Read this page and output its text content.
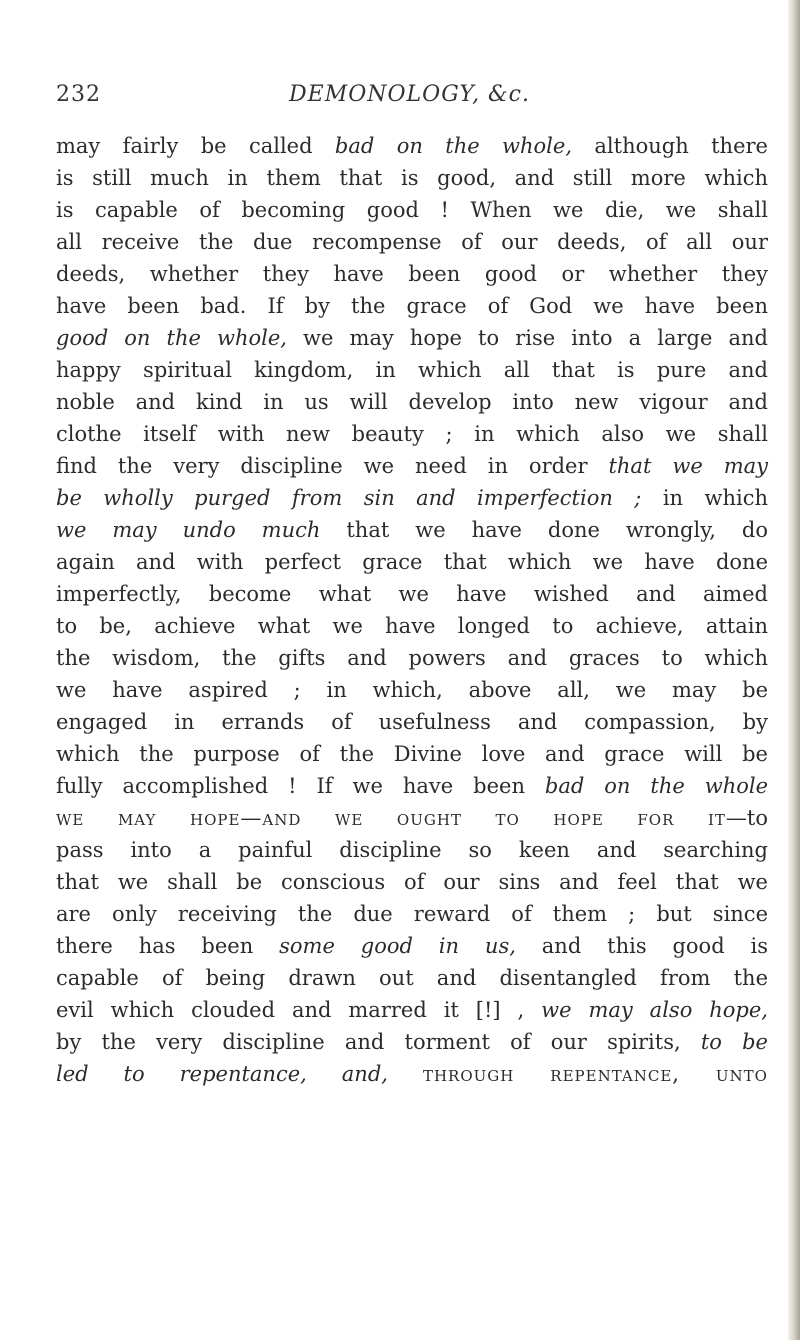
232	DEMONOLOGY, &c.
may fairly be called bad on the whole, although there
is still much in them that is good, and still more which
is capable of becoming good ! When we die, we shall
all receive the due recompense of our deeds, of all our
deeds, whether they have been good or whether they
have been bad. If by the grace of God we have been
good on the whole, we may hope to rise into a large and
happy spiritual kingdom, in which all that is pure and
noble and kind in us will develop into new vigour and
clothe itself with new beauty ; in which also we shall
find the very discipline we need in order that we may
be wholly purged from sin and imperfection ; in which
we may undo much that we have done wrongly, do
again and with perfect grace that which we have done
imperfectly, become what we have wished and aimed
to be, achieve what we have longed to achieve, attain
the wisdom, the gifts and powers and graces to which
we have aspired ; in which, above all, we may be
engaged in errands of usefulness and compassion, by
which the purpose of the Divine love and grace will be
fully accomplished ! If we have been bad on the whole
we may hope—and we ought to hope for it—to
pass into a painful discipline so keen and searching
that we shall be conscious of our sins and feel that we
are only receiving the due reward of them ; but since
there has been some good in us, and this good is
capable of being drawn out and disentangled from the
evil which clouded and marred it [!] , we may also hope,
by the very discipline and torment of our spirits, to be
led to repentance, and, through repentance, unto
